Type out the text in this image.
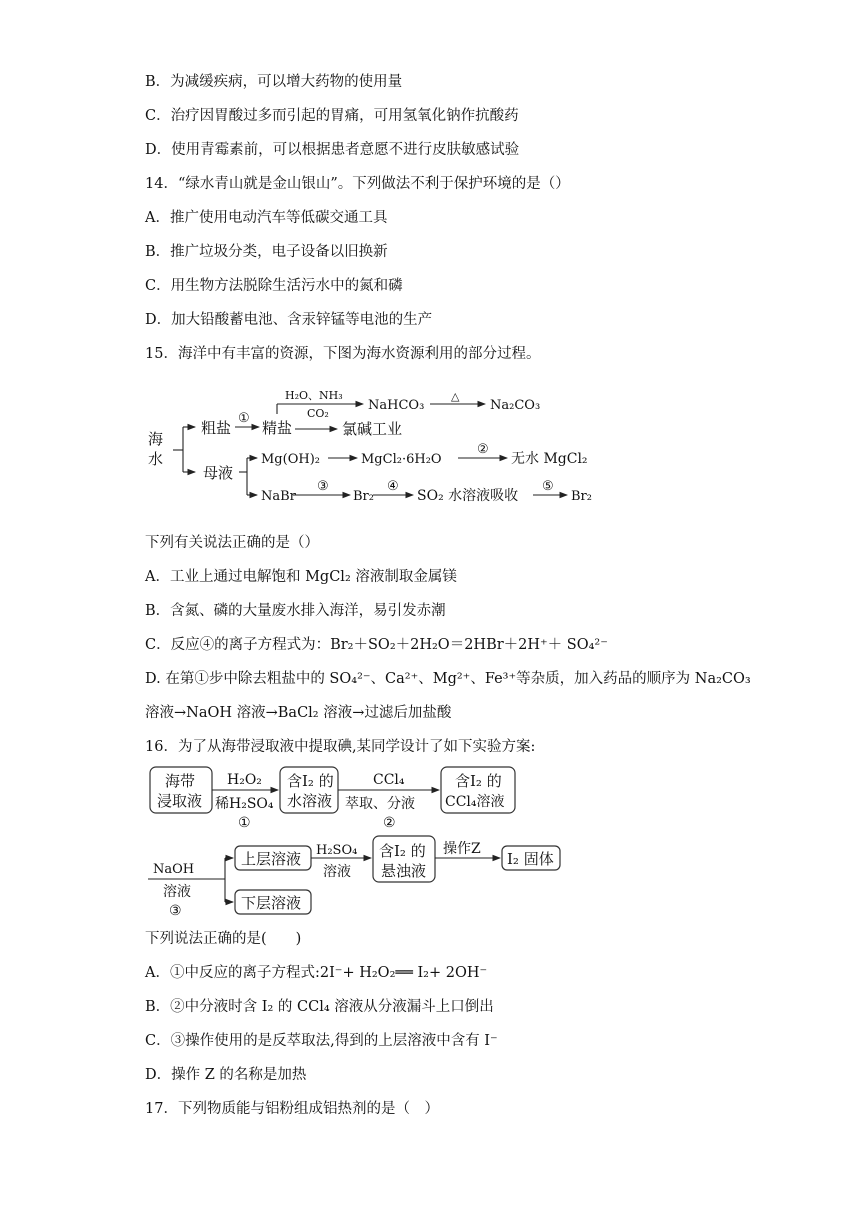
B．为减缓疾病，可以增大药物的使用量
C．治疗因胃酸过多而引起的胃痛，可用氢氧化钠作抗酸药
D．使用青霉素前，可以根据患者意愿不进行皮肤敏感试验
14．“绿水青山就是金山银山”。下列做法不利于保护环境的是（）
A．推广使用电动汽车等低碳交通工具
B．推广垃圾分类，电子设备以旧换新
C．用生物方法脱除生活污水中的氮和磷
D．加大铅酸蓄电池、含汞锌锰等电池的生产
15．海洋中有丰富的资源，下图为海水资源利用的部分过程。
海
水
粗盐
①
精盐
H₂O、NH₃
CO₂
NaHCO₃
△
Na₂CO₃
氯碱工业
母液
Mg(OH)₂	MgCl₂·6H₂O
②
无水 MgCl₂
NaBr
③
Br₂
④
SO₂ 水溶液吸收
⑤
Br₂
下列有关说法正确的是（）
A．工业上通过电解饱和 MgCl₂ 溶液制取金属镁
B．含氮、磷的大量废水排入海洋，易引发赤潮
C．反应④的离子方程式为：Br₂＋SO₂＋2H₂O＝2HBr＋2H⁺＋ SO₄²⁻
D. 在第①步中除去粗盐中的 SO₄²⁻、Ca²⁺、Mg²⁺、Fe³⁺等杂质，加入药品的顺序为 Na₂CO₃
溶液→NaOH 溶液→BaCl₂ 溶液→过滤后加盐酸
16．为了从海带浸取液中提取碘,某同学设计了如下实验方案:
海带
浸取液
H₂O₂
稀H₂SO₄
①
含I₂ 的
水溶液
CCl₄
萃取、分液
②
含I₂ 的
CCl₄溶液
NaOH
溶液
③
上层溶液 H₂SO₄
溶液
含I₂ 的
悬浊液
操作Z
I₂ 固体
下层溶液
下列说法正确的是(　　)
A．①中反应的离子方程式:2I⁻+ H₂O₂══ I₂+ 2OH⁻
B．②中分液时含 I₂ 的 CCl₄ 溶液从分液漏斗上口倒出
C．③操作使用的是反萃取法,得到的上层溶液中含有 I⁻
D．操作 Z 的名称是加热
17．下列物质能与铝粉组成铝热剂的是（　）
